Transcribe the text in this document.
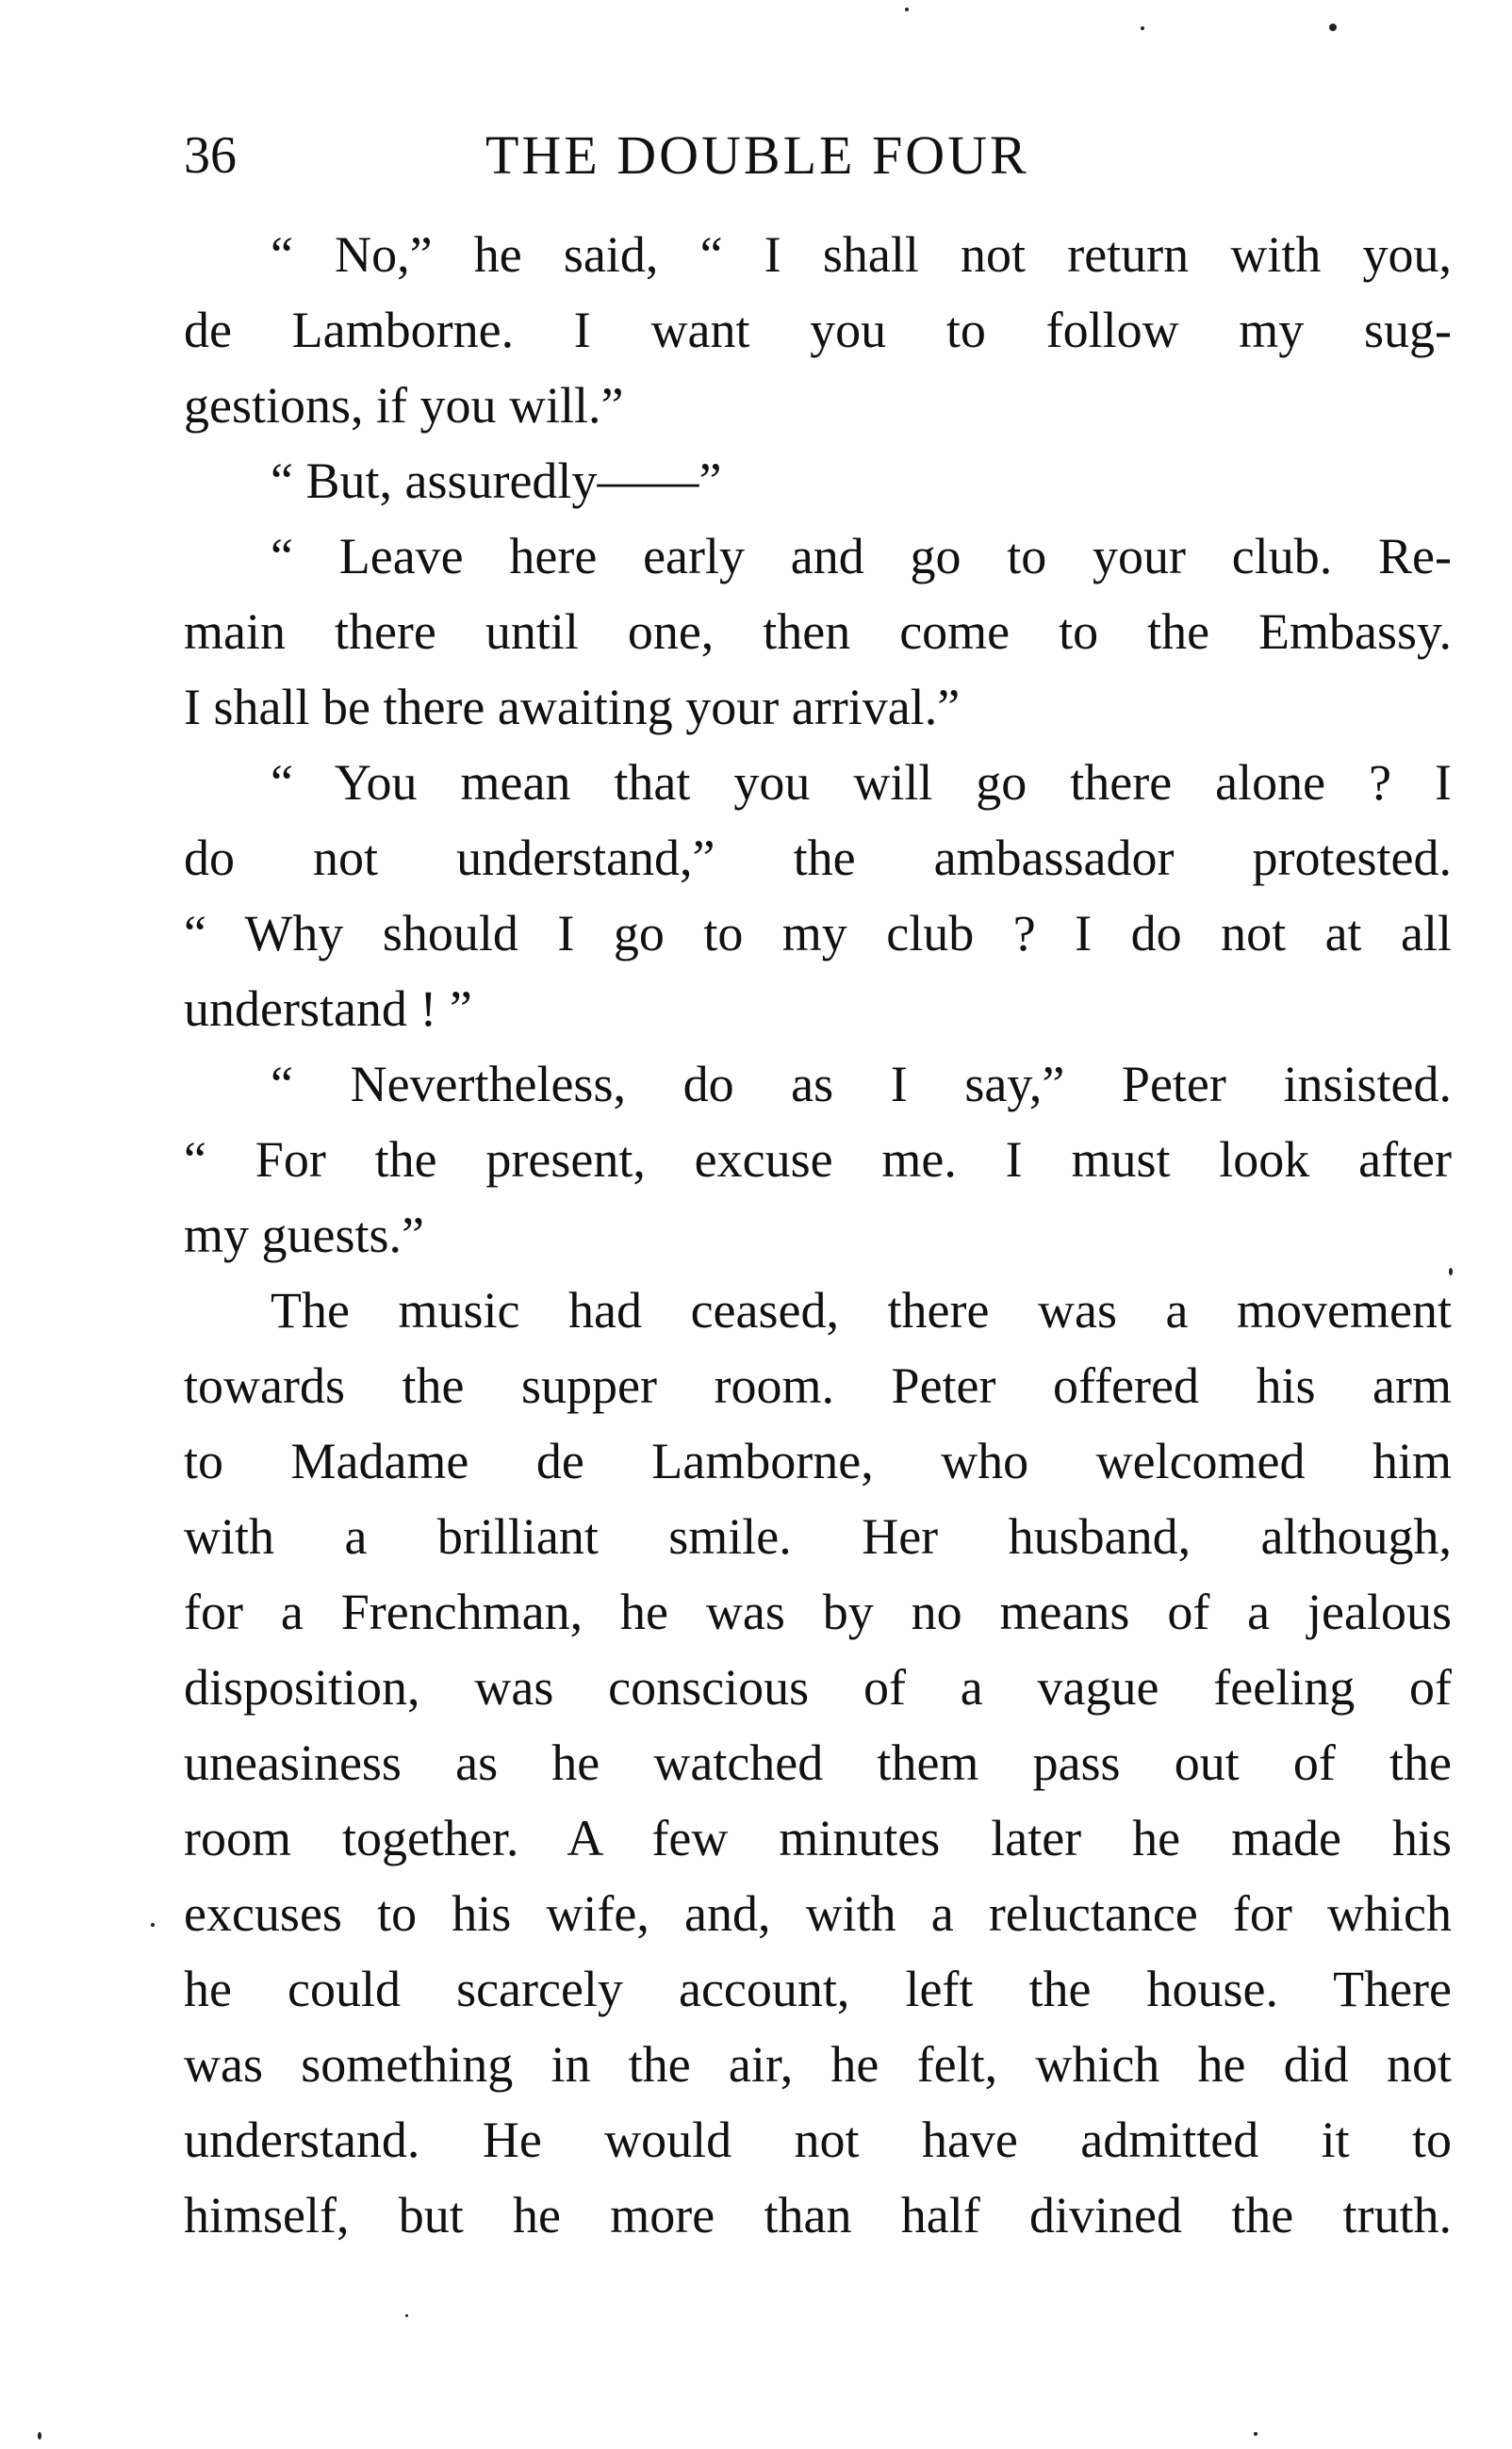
36	THE DOUBLE FOUR
“ No,” he said, “ I shall not return with you,
de Lamborne. I want you to follow my sug-
gestions, if you will.”
“ But, assuredly——”
“ Leave here early and go to your club. Re-
main there until one, then come to the Embassy.
I shall be there awaiting your arrival.”
“ You mean that you will go there alone ? I
do not understand,” the ambassador protested.
“ Why should I go to my club ? I do not at all
understand ! ”
“ Nevertheless, do as I say,” Peter insisted.
“ For the present, excuse me. I must look after
my guests.”
The music had ceased, there was a movement
towards the supper room. Peter offered his arm
to Madame de Lamborne, who welcomed him
with a brilliant smile. Her husband, although,
for a Frenchman, he was by no means of a jealous
disposition, was conscious of a vague feeling of
uneasiness as he watched them pass out of the
room together. A few minutes later he made his
excuses to his wife, and, with a reluctance for which
he could scarcely account, left the house. There
was something in the air, he felt, which he did not
understand. He would not have admitted it to
himself, but he more than half divined the truth.
